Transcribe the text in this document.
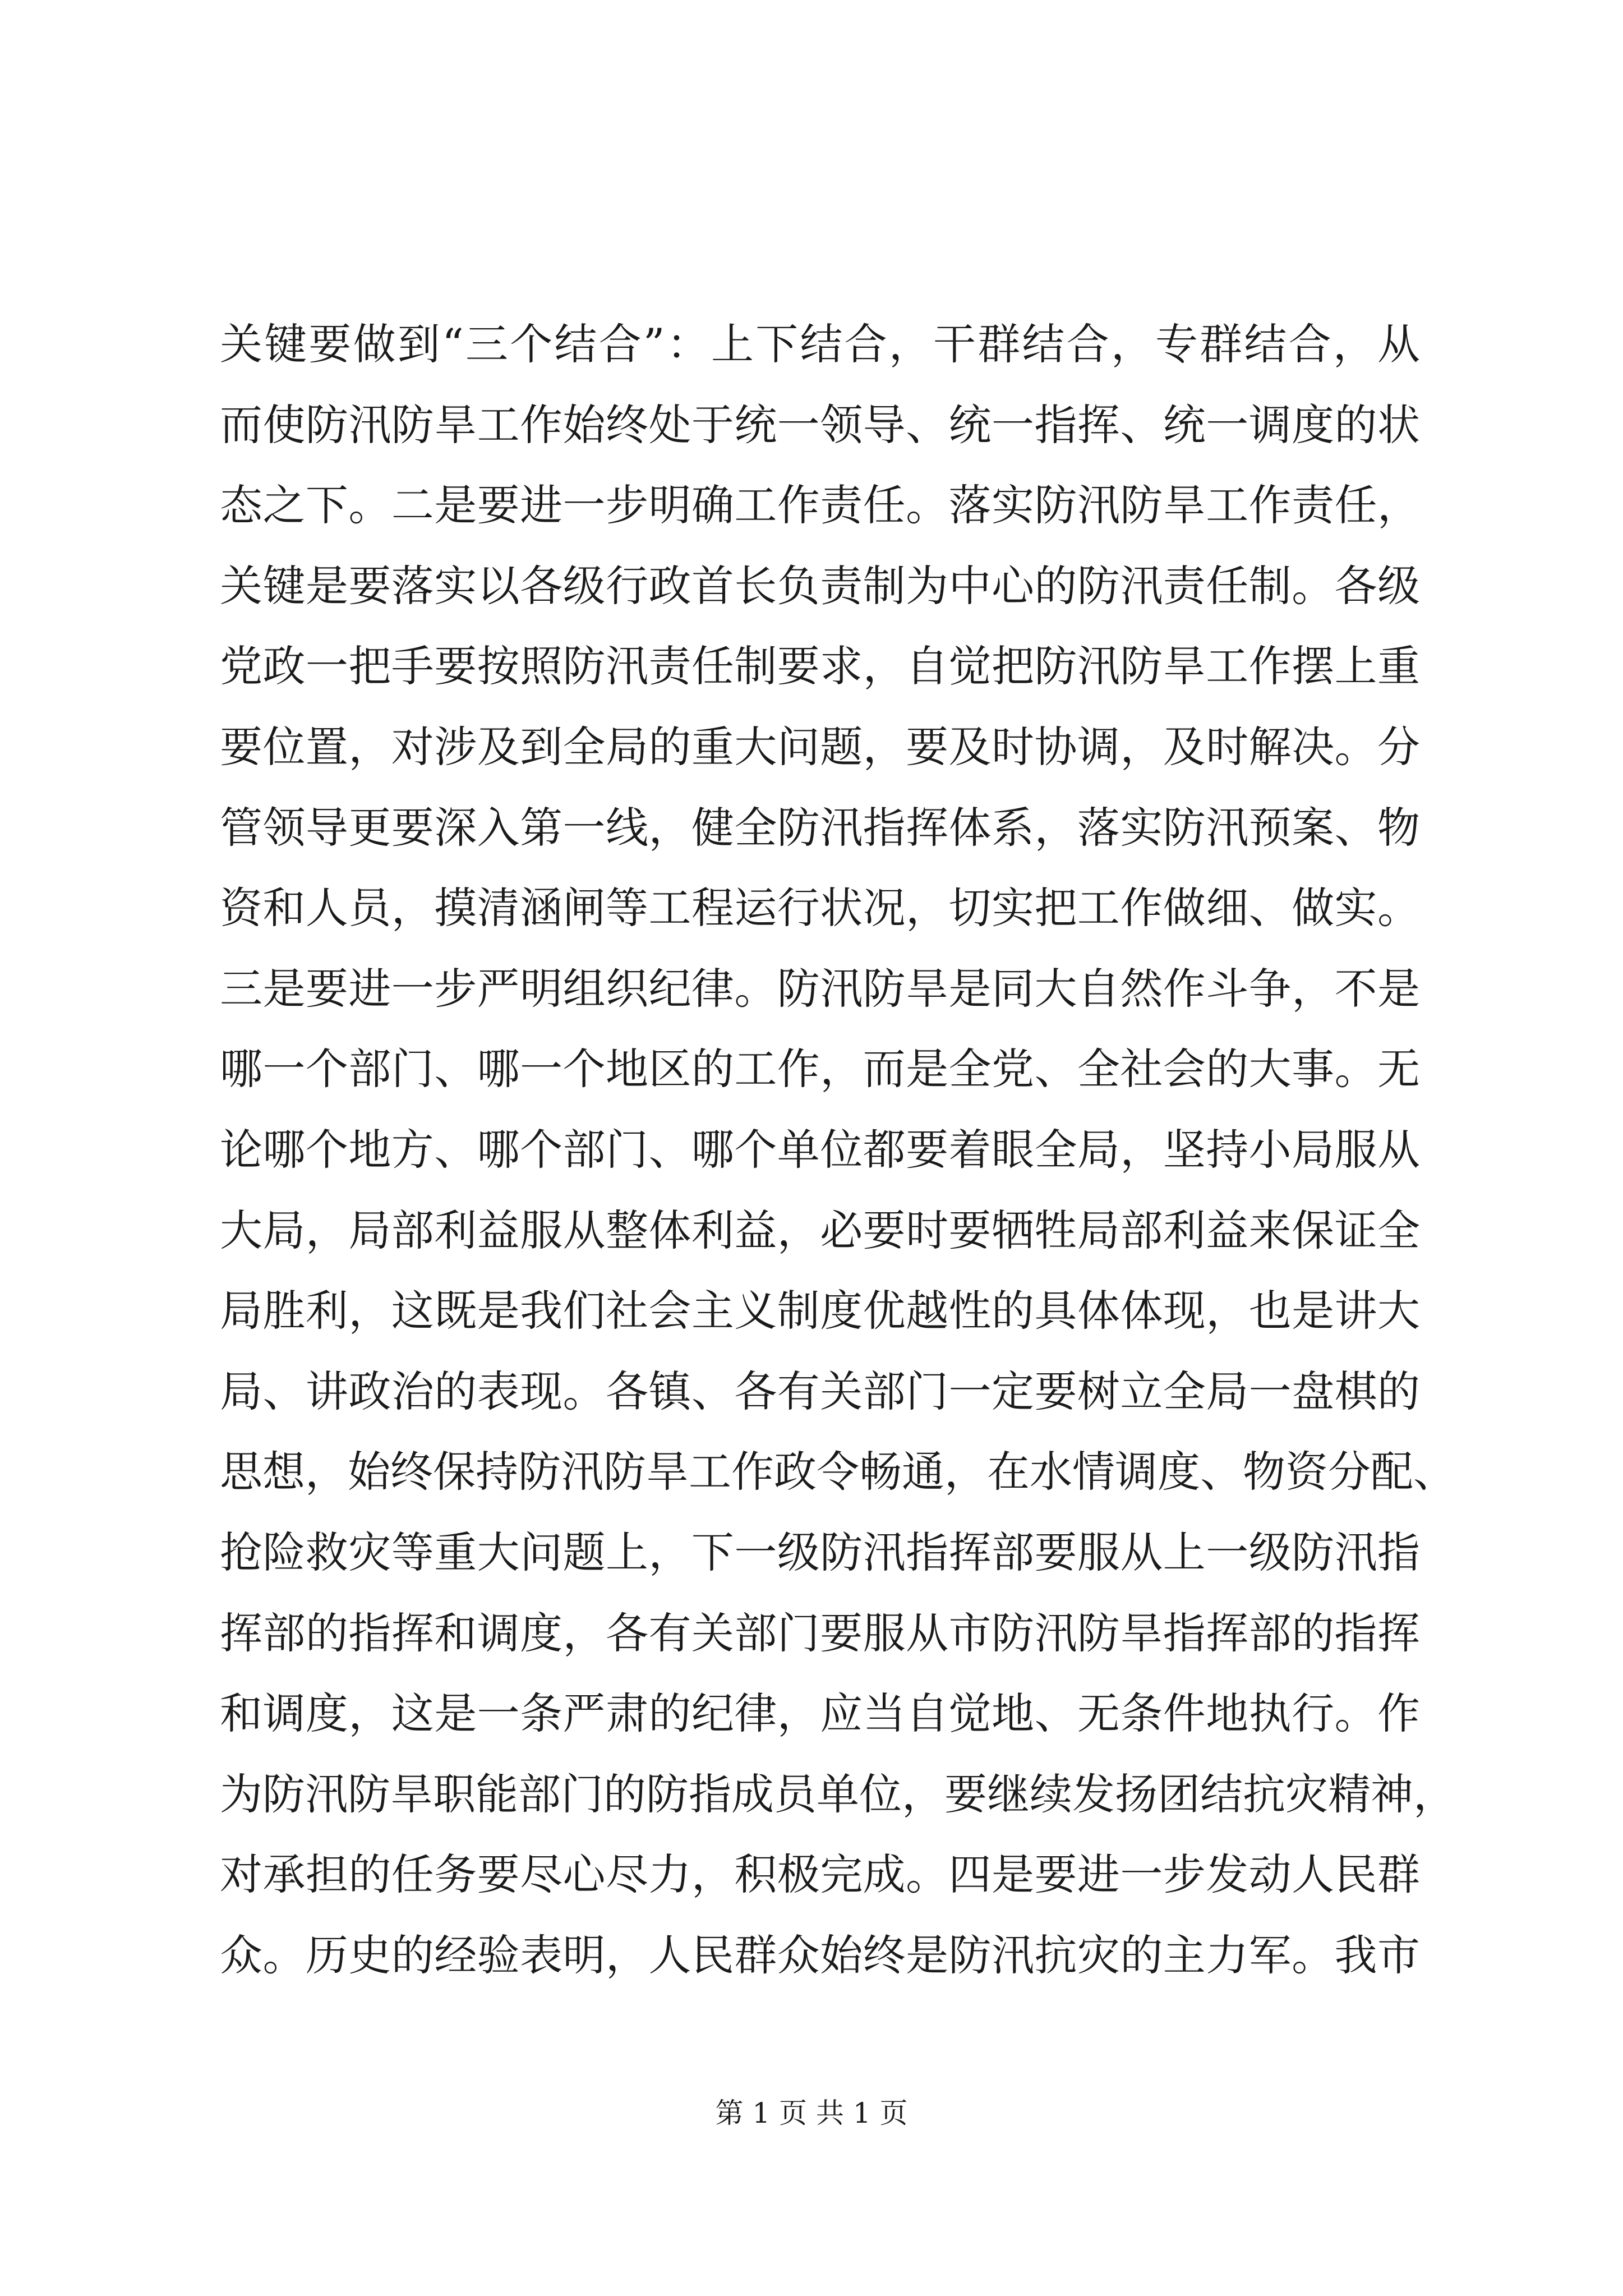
关键要做到“三个结合”：上下结合，干群结合，专群结合，从
而使防汛防旱工作始终处于统一领导、统一指挥、统一调度的状
态之下。二是要进一步明确工作责任。落实防汛防旱工作责任，
关键是要落实以各级行政首长负责制为中心的防汛责任制。各级
党政一把手要按照防汛责任制要求，自觉把防汛防旱工作摆上重
要位置，对涉及到全局的重大问题，要及时协调，及时解决。分
管领导更要深入第一线，健全防汛指挥体系，落实防汛预案、物
资和人员，摸清涵闸等工程运行状况，切实把工作做细、做实。
三是要进一步严明组织纪律。防汛防旱是同大自然作斗争，不是
哪一个部门、哪一个地区的工作，而是全党、全社会的大事。无
论哪个地方、哪个部门、哪个单位都要着眼全局，坚持小局服从
大局，局部利益服从整体利益，必要时要牺牲局部利益来保证全
局胜利，这既是我们社会主义制度优越性的具体体现，也是讲大
局、讲政治的表现。各镇、各有关部门一定要树立全局一盘棋的
思想，始终保持防汛防旱工作政令畅通，在水情调度、物资分配、
抢险救灾等重大问题上，下一级防汛指挥部要服从上一级防汛指
挥部的指挥和调度，各有关部门要服从市防汛防旱指挥部的指挥
和调度，这是一条严肃的纪律，应当自觉地、无条件地执行。作
为防汛防旱职能部门的防指成员单位，要继续发扬团结抗灾精神，
对承担的任务要尽心尽力，积极完成。四是要进一步发动人民群
众。历史的经验表明，人民群众始终是防汛抗灾的主力军。我市
第 1 页 共 1 页
